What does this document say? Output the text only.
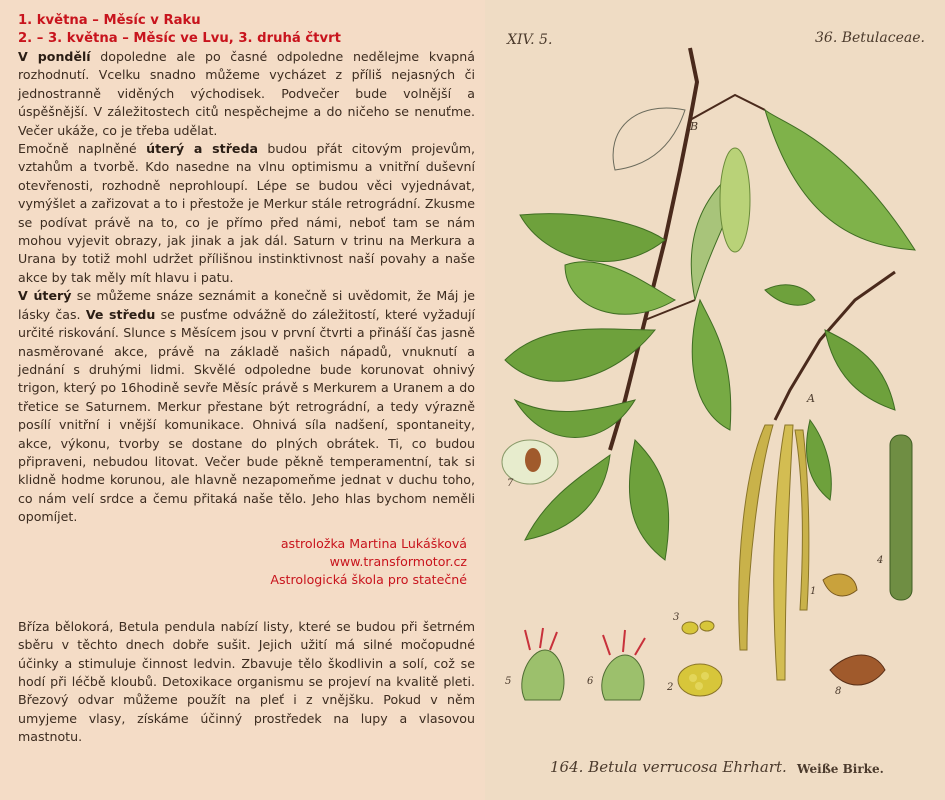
1. května – Měsíc v Raku
2. – 3. května – Měsíc ve Lvu, 3. druhá čtvrt

V pondělí dopoledne ale po časné odpoledne nedělejme kvapná rozhodnutí. Vcelku snadno můžeme vycházet z příliš nejasných či jednostranně viděných východisek. Podvečer bude volnější a úspěšnější. V záležitostech citů nespěchejme a do ničeho se nenuťme. Večer ukáže, co je třeba udělat.

Emočně naplněné úterý a středa budou přát citovým projevům, vztahům a tvorbě. Kdo nasedne na vlnu optimismu a vnitřní duševní otevřenosti, rozhodně neprohloupí. Lépe se budou věci vyjednávat, vymýšlet a zařizovat a to i přestože je Merkur stále retrográdní. Zkusme se podívat právě na to, co je přímo před námi, neboť tam se nám mohou vyjevit obrazy, jak jinak a jak dál. Saturn v trinu na Merkura a Urana by totiž mohl udržet přílišnou instinktivnost naší povahy a naše akce by tak měly mít hlavu i patu.

V úterý se můžeme snáze seznámit a konečně si uvědomit, že Máj je lásky čas. Ve středu se pusťme odvážně do záležitostí, které vyžadují určité riskování. Slunce s Měsícem jsou v první čtvrti a přináší čas jasně nasměrované akce, právě na základě našich nápadů, vnuknutí a jednání s druhými lidmi. Skvělé odpoledne bude korunovat ohnivý trigon, který po 16hodině sevře Měsíc právě s Merkurem a Uranem a do třetice se Saturnem. Merkur přestane být retrográdní, a tedy výrazně posílí vnitřní i vnější komunikace. Ohnivá síla nadšení, spontaneity, akce, výkonu, tvorby se dostane do plných obrátek. Ti, co budou připraveni, nebudou litovat. Večer bude pěkně temperamentní, tak si klidně hodme korunou, ale hlavně nezapomeňme jednat v duchu toho, co nám velí srdce a čemu přitaká naše tělo. Jeho hlas bychom neměli opomíjet.

astroložka Martina Lukášková
www.transformotor.cz
Astrologická škola pro statečné

Bříza bělokorá, Betula pendula nabízí listy, které se budou při šetrném sběru v těchto dnech dobře sušit. Jejich užití má silné močopudné účinky a stimuluje činnost ledvin. Zbavuje tělo škodlivin a solí, což se hodí při léčbě kloubů. Detoxikace organismu se projeví na kvalitě pleti. Březový odvar můžeme použít na pleť i z vnějšku. Pokud v něm umyjeme vlasy, získáme účinný prostředek na lupy a vlasovou mastnotu.

XIV. 5.	36. Betulaceae.
B
A
1
2
3
4
5	6
7
8
164. Betula verrucosa Ehrhart. Weiße Birke.
